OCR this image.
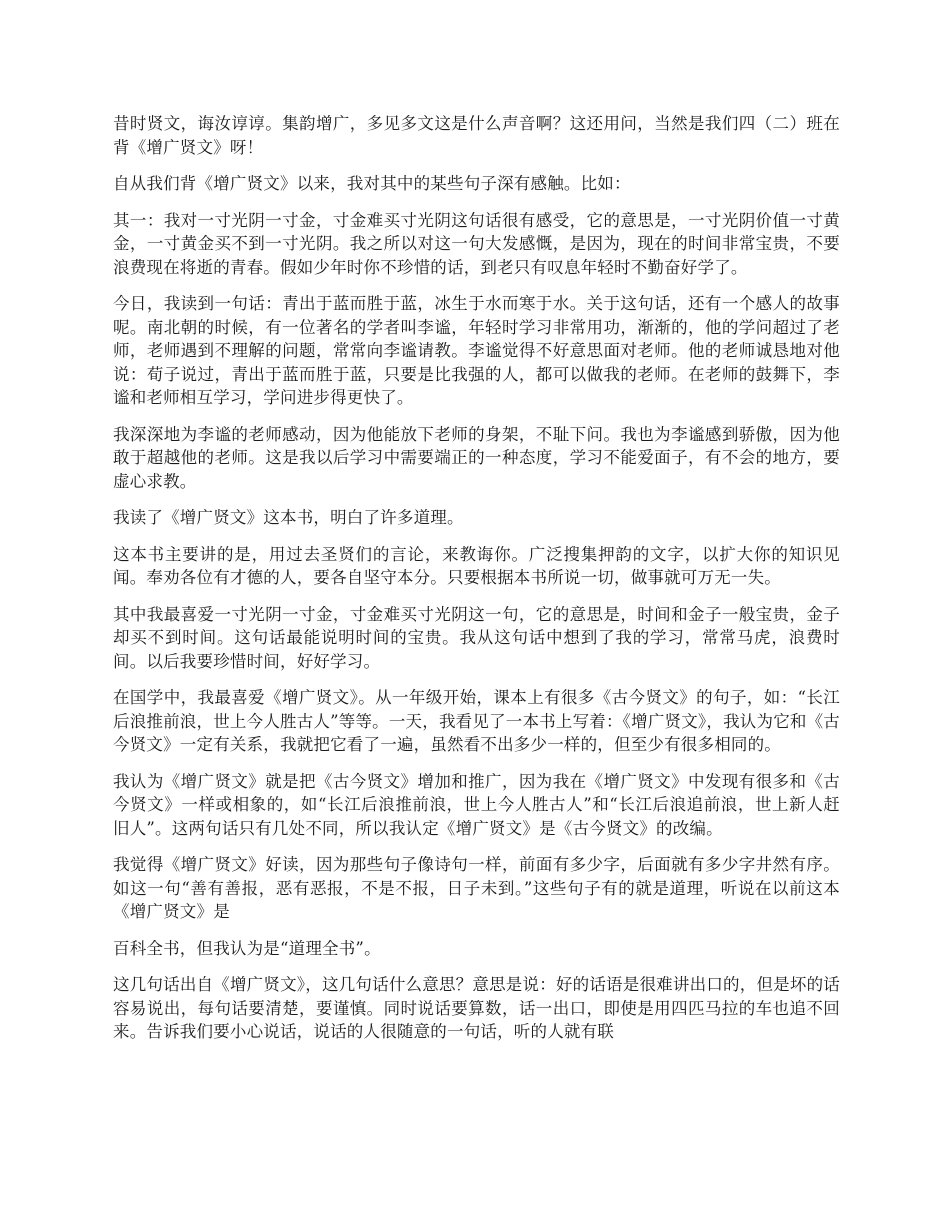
昔时贤文，诲汝谆谆。集韵增广，多见多文这是什么声音啊？这还用问，当然是我们四（二）班在背《增广贤文》呀！

自从我们背《增广贤文》以来，我对其中的某些句子深有感触。比如：

其一：我对一寸光阴一寸金，寸金难买寸光阴这句话很有感受，它的意思是，一寸光阴价值一寸黄金，一寸黄金买不到一寸光阴。我之所以对这一句大发感慨，是因为，现在的时间非常宝贵，不要浪费现在将逝的青春。假如少年时你不珍惜的话，到老只有叹息年轻时不勤奋好学了。

今日，我读到一句话：青出于蓝而胜于蓝，冰生于水而寒于水。关于这句话，还有一个感人的故事呢。南北朝的时候，有一位著名的学者叫李谧，年轻时学习非常用功，渐渐的，他的学问超过了老师，老师遇到不理解的问题，常常向李谧请教。李谧觉得不好意思面对老师。他的老师诚恳地对他说：荀子说过，青出于蓝而胜于蓝，只要是比我强的人，都可以做我的老师。在老师的鼓舞下，李谧和老师相互学习，学问进步得更快了。

我深深地为李谧的老师感动，因为他能放下老师的身架，不耻下问。我也为李谧感到骄傲，因为他敢于超越他的老师。这是我以后学习中需要端正的一种态度，学习不能爱面子，有不会的地方，要虚心求教。

我读了《增广贤文》这本书，明白了许多道理。

这本书主要讲的是，用过去圣贤们的言论，来教诲你。广泛搜集押韵的文字，以扩大你的知识见闻。奉劝各位有才德的人，要各自坚守本分。只要根据本书所说一切，做事就可万无一失。

其中我最喜爱一寸光阴一寸金，寸金难买寸光阴这一句，它的意思是，时间和金子一般宝贵，金子却买不到时间。这句话最能说明时间的宝贵。我从这句话中想到了我的学习，常常马虎，浪费时间。以后我要珍惜时间，好好学习。

在国学中，我最喜爱《增广贤文》。从一年级开始，课本上有很多《古今贤文》的句子，如：“长江后浪推前浪，世上今人胜古人”等等。一天，我看见了一本书上写着：《增广贤文》，我认为它和《古今贤文》一定有关系，我就把它看了一遍，虽然看不出多少一样的，但至少有很多相同的。

我认为《增广贤文》就是把《古今贤文》增加和推广，因为我在《增广贤文》中发现有很多和《古今贤文》一样或相象的，如“长江后浪推前浪，世上今人胜古人”和“长江后浪追前浪，世上新人赶旧人”。这两句话只有几处不同，所以我认定《增广贤文》是《古今贤文》的改编。

我觉得《增广贤文》好读，因为那些句子像诗句一样，前面有多少字，后面就有多少字井然有序。如这一句“善有善报，恶有恶报，不是不报，日子未到。”这些句子有的就是道理，听说在以前这本《增广贤文》是

百科全书，但我认为是“道理全书”。

这几句话出自《增广贤文》，这几句话什么意思？意思是说：好的话语是很难讲出口的，但是坏的话容易说出，每句话要清楚，要谨慎。同时说话要算数，话一出口，即使是用四匹马拉的车也追不回来。告诉我们要小心说话，说话的人很随意的一句话，听的人就有联
